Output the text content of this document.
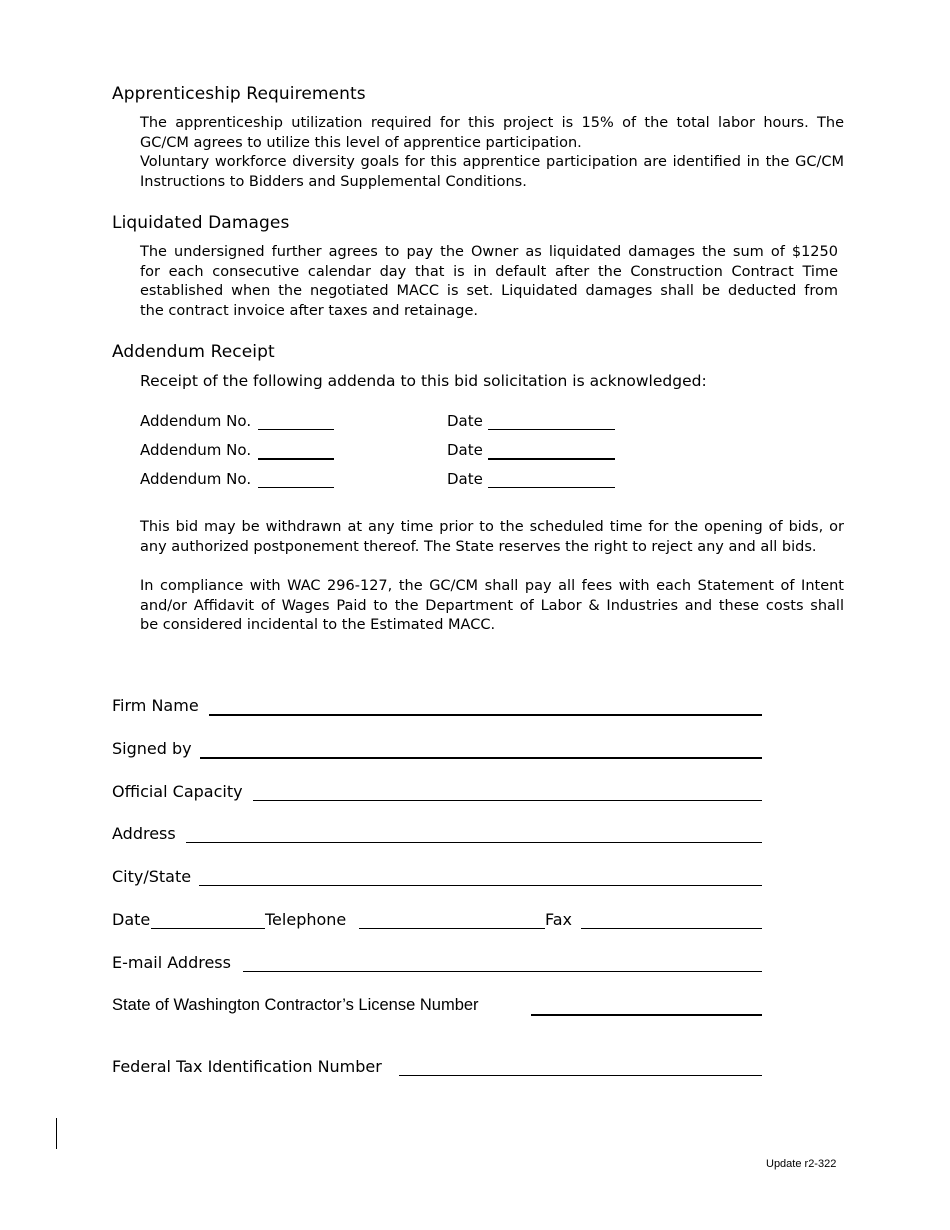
Apprenticeship Requirements
The apprenticeship utilization required for this project is 15% of the total labor hours. The
GC/CM agrees to utilize this level of apprentice participation.
Voluntary workforce diversity goals for this apprentice participation are identified in the GC/CM
Instructions to Bidders and Supplemental Conditions.
Liquidated Damages
The undersigned further agrees to pay the Owner as liquidated damages the sum of $1250
for each consecutive calendar day that is in default after the Construction Contract Time
established when the negotiated MACC is set. Liquidated damages shall be deducted from
the contract invoice after taxes and retainage.
Addendum Receipt
Receipt of the following addenda to this bid solicitation is acknowledged:
Addendum No.	Date
Addendum No.	Date
Addendum No.	Date
This bid may be withdrawn at any time prior to the scheduled time for the opening of bids, or
any authorized postponement thereof. The State reserves the right to reject any and all bids.
In compliance with WAC 296-127, the GC/CM shall pay all fees with each Statement of Intent
and/or Affidavit of Wages Paid to the Department of Labor & Industries and these costs shall
be considered incidental to the Estimated MACC.
Firm Name
Signed by
Official Capacity
Address
City/State
Date	Telephone	Fax
E-mail Address
State of Washington Contractor’s License Number
Federal Tax Identification Number
Update r2-322
